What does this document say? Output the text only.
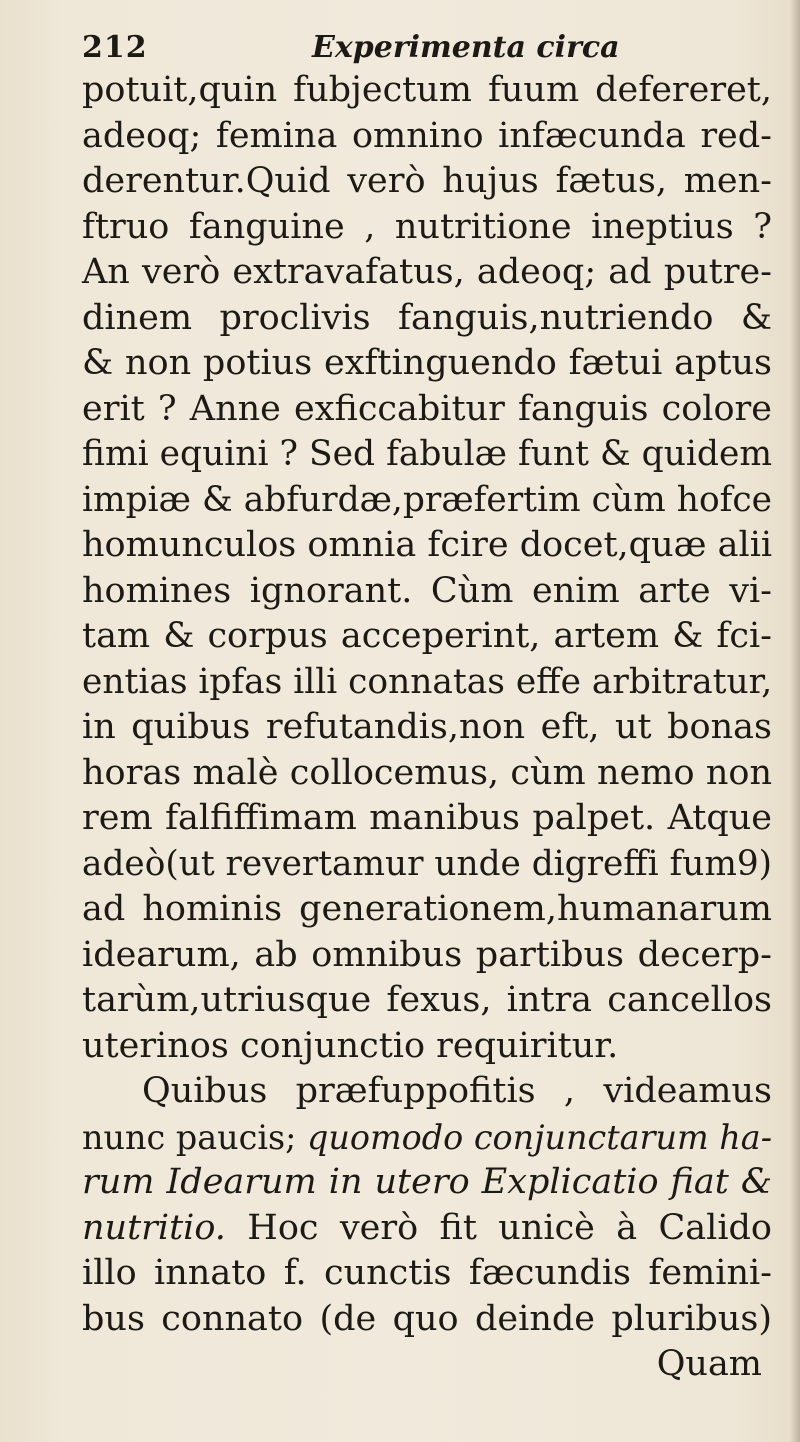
212	Experimenta circa
potuit,quin fubjectum fuum defereret,
adeoq; femina omnino infæcunda red-
derentur.Quid verò hujus fætus, men-
ftruo fanguine , nutritione ineptius ?
An verò extravafatus, adeoq; ad putre-
dinem proclivis fanguis,nutriendo &
& non potius exftinguendo fætui aptus
erit ? Anne exficcabitur fanguis colore
fimi equini ? Sed fabulæ funt & quidem
impiæ & abfurdæ,præfertim cùm hofce
homunculos omnia fcire docet,quæ alii
homines ignorant. Cùm enim arte vi-
tam & corpus acceperint, artem & fci-
entias ipfas illi connatas effe arbitratur,
in quibus refutandis,non eft, ut bonas
horas malè collocemus, cùm nemo non
rem falfiffimam manibus palpet. Atque
adeò(ut revertamur unde digreffi fum9)
ad hominis generationem,humanarum
idearum, ab omnibus partibus decerp-
tarùm,utriusque fexus, intra cancellos
uterinos conjunctio requiritur.
Quibus præfuppofitis , videamus
nunc paucis; quomodo conjunctarum ha-
rum Idearum in utero Explicatio fiat &
nutritio. Hoc verò fit unicè à Calido
illo innato f. cunctis fæcundis femini-
bus connato (de quo deinde pluribus)
Quam
